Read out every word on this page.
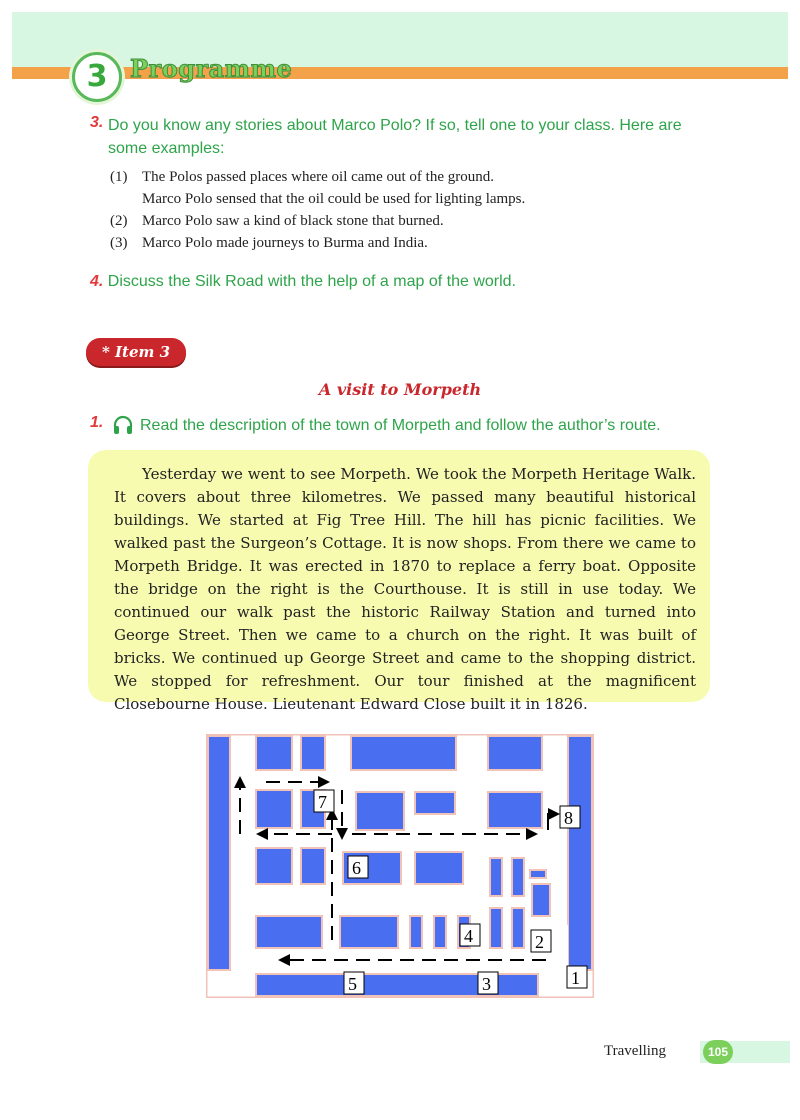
3 Programme
3. Do you know any stories about Marco Polo? If so, tell one to your class. Here are some examples:
(1) The Polos passed places where oil came out of the ground.
Marco Polo sensed that the oil could be used for lighting lamps.
(2) Marco Polo saw a kind of black stone that burned.
(3) Marco Polo made journeys to Burma and India.
4. Discuss the Silk Road with the help of a map of the world.
* Item 3
A visit to Morpeth
1. Read the description of the town of Morpeth and follow the author’s route.
Yesterday we went to see Morpeth. We took the Morpeth Heritage Walk. It covers about three kilometres. We passed many beautiful historical buildings. We started at Fig Tree Hill. The hill has picnic facilities. We walked past the Surgeon’s Cottage. It is now shops. From there we came to Morpeth Bridge. It was erected in 1870 to replace a ferry boat. Opposite the bridge on the right is the Courthouse. It is still in use today. We continued our walk past the historic Railway Station and turned into George Street. Then we came to a church on the right. It was built of bricks. We continued up George Street and came to the shopping district. We stopped for refreshment. Our tour finished at the magnificent Closebourne House. Lieutenant Edward Close built it in 1826.
1
2
3
4
5
6
7
8
Travelling	105
